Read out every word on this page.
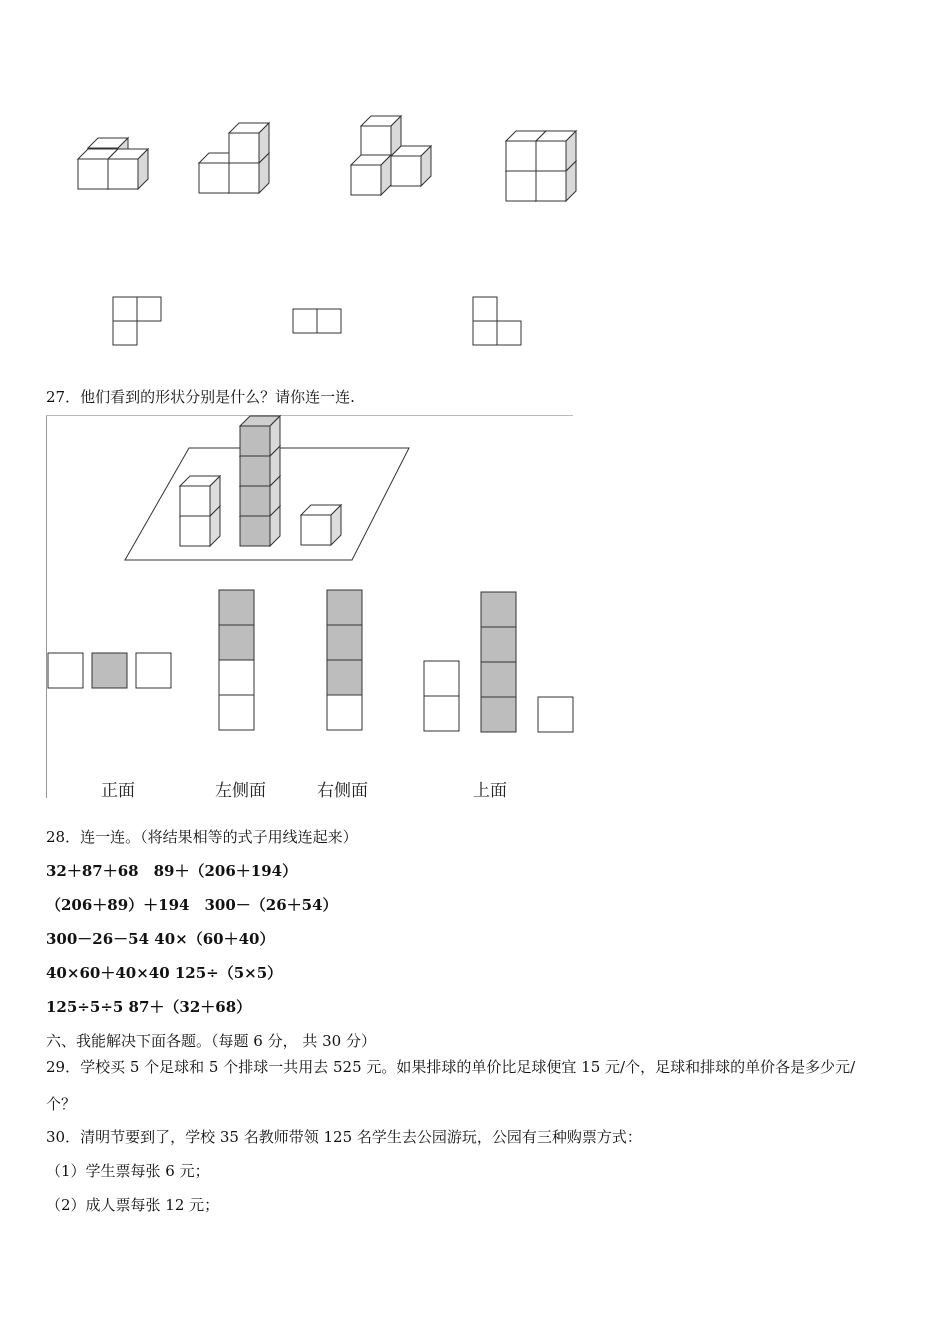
27．他们看到的形状分别是什么？请你连一连.
正面	左侧面	右侧面	上面
28．连一连。（将结果相等的式子用线连起来）
32＋87＋68　89＋（206＋194）
（206＋89）＋194　300－（26＋54）
300－26－54 40×（60＋40）
40×60＋40×40 125÷（5×5）
125÷5÷5 87＋（32＋68）
六、我能解决下面各题。（每题 6 分， 共 30 分）
29．学校买 5 个足球和 5 个排球一共用去 525 元。如果排球的单价比足球便宜 15 元/个，足球和排球的单价各是多少元/
个？
30．清明节要到了，学校 35 名教师带领 125 名学生去公园游玩，公园有三种购票方式：
（1）学生票每张 6 元；
（2）成人票每张 12 元；
